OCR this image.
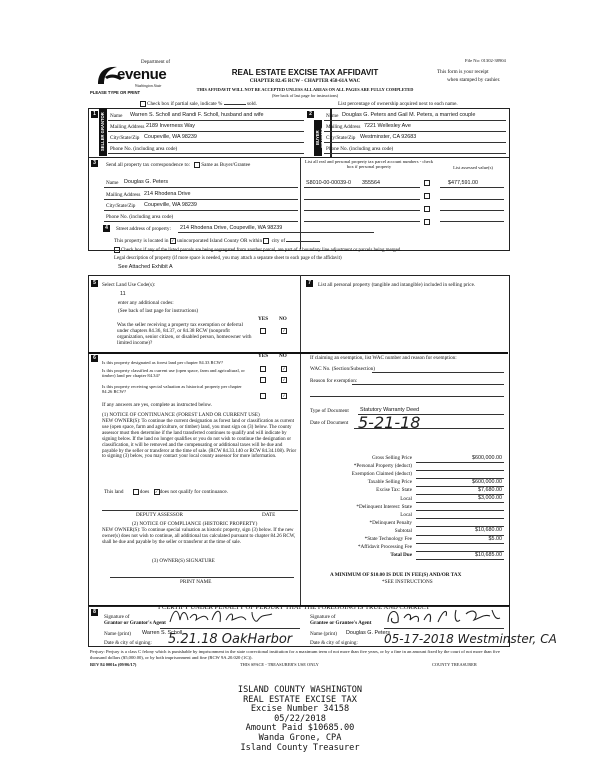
File No: 01302-38904
Department of
evenue
Washington State
PLEASE TYPE OR PRINT
REAL ESTATE EXCISE TAX AFFIDAVIT
CHAPTER 82.45 RCW - CHAPTER 458-61A WAC
This form is your receipt
when stamped by cashier.
THIS AFFIDAVIT WILL NOT BE ACCEPTED UNLESS ALL AREAS ON ALL PAGES ARE FULLY COMPLETED
(See back of last page for instructions)
Check box if partial sale, indicate %	sold.	List percentage of ownership acquired next to each name.
1	2
SELLER GRANTOR	BUYER GRANTEE
Name Warren S. Scholl and Randi F. Scholl, husband and wife
Mailing Address 2189 Inverness Way
City/State/Zip Coupeville, WA 98239
Phone No. (including area code)
Name Douglas G. Peters and Gail M. Peters, a married couple
Mailing Address 7221 Wellesley Ave
City/State/Zip Westminster, CA 92683
Phone No. (including area code)
3	Send all property tax correspondence to: Same as Buyer/Grantee
Name Douglas G. Peters
Mailing Address 214 Rhodena Drive
City/State/Zip Coupeville, WA 98239
Phone No. (including area code)
List all real and personal property tax parcel account numbers - check box if personal property	List assessed value(s)
S8010-00-00039-0 355564	$477,591.00
4	Street address of property: 214 Rhodena Drive, Coupeville, WA 98239
This property is located in ✓ unincorporated Island County OR within city of
Check box if any of the listed parcels are being segregated from another parcel, are part of a boundary line adjustment or parcels being merged.
Legal description of property (if more space is needed, you may attach a separate sheet to each page of the affidavit)
See Attached Exhibit A
5	Select Land Use Code(s):
11
enter any additional codes:
(See back of last page for instructions)
YES NO
Was the seller receiving a property tax exemption or deferral under chapters 84.36, 84.37, or 84.38 RCW (nonprofit organization, senior citizen, or disabled person, homeowner with limited income)?
✓
6	YES NO
Is this property designated as forest land per chapter 84.33 RCW?
✓
Is this property classified as current use (open space, farm and agricultural, or timber) land per chapter 84.34?
✓
Is this property receiving special valuation as historical property per chapter 84.26 RCW?
✓
If any answers are yes, complete as instructed below.
(1) NOTICE OF CONTINUANCE (FOREST LAND OR CURRENT USE)
NEW OWNER(S): To continue the current designation as forest land or classification as current use (open space, farm and agriculture, or timber) land, you must sign on (3) below. The county assessor must then determine if the land transferred continues to qualify and will indicate by signing below. If the land no longer qualifies or you do not wish to continue the designation or classification, it will be removed and the compensating or additional taxes will be due and payable by the seller or transferor at the time of sale. (RCW 84.33.140 or RCW 84.34.108). Prior to signing (3) below, you may contact your local county assessor for more information.
This land	does ✓does not qualify for continuance.
DEPUTY ASSESSOR	DATE
(2) NOTICE OF COMPLIANCE (HISTORIC PROPERTY)
NEW OWNER(S): To continue special valuation as historic property, sign (3) below. If the new owner(s) does not wish to continue, all additional tax calculated pursuant to chapter 84.26 RCW, shall be due and payable by the seller or transferor at the time of sale.
(3) OWNER(S) SIGNATURE
PRINT NAME
7	List all personal property (tangible and intangible) included in selling price.
If claiming an exemption, list WAC number and reason for exemption:
WAC No. (Section/Subsection)
Reason for exemption:
Type of Document Statutory Warranty Deed
Date of Document 5-21-18
Gross Selling Price	$600,000.00
*Personal Property (deduct)
Exemption Claimed (deduct)
Taxable Selling Price	$600,000.00
Excise Tax: State	$7,680.00
Local	$3,000.00
*Delinquent Interest: State
Local
*Delinquent Penalty
Subtotal	$10,680.00
*State Technology Fee	$5.00
*Affidavit Processing Fee
Total Due	$10,685.00
A MINIMUM OF $10.00 IS DUE IN FEE(S) AND/OR TAX
*SEE INSTRUCTIONS
8
I CERTIFY UNDER PENALTY OF PERJURY THAT THE FOREGOING IS TRUE AND CORRECT
Signature of
Grantor or Grantor's Agent
Signature of
Grantee or Grantee's Agent
Name (print) Warren S. Scholl	Name (print) Douglas G. Peters
Date & city of signing: 5.21.18 OakHarbor	Date & city of signing: 05-17-2018 Westminster, CA
Perjury: Perjury is a class C felony which is punishable by imprisonment in the state correctional institution for a maximum term of not more than five years, or by a fine in an amount fixed by the court of not more than five thousand dollars ($5,000.00), or by both imprisonment and fine (RCW 9A.20.020 (1C)).
REV 84 0001a (09/06/17)	THIS SPACE - TREASURER'S USE ONLY	COUNTY TREASURER
ISLAND COUNTY WASHINGTON
REAL ESTATE EXCISE TAX
Excise Number 34158
05/22/2018
Amount Paid $10685.00
Wanda Grone, CPA
Island County Treasurer
